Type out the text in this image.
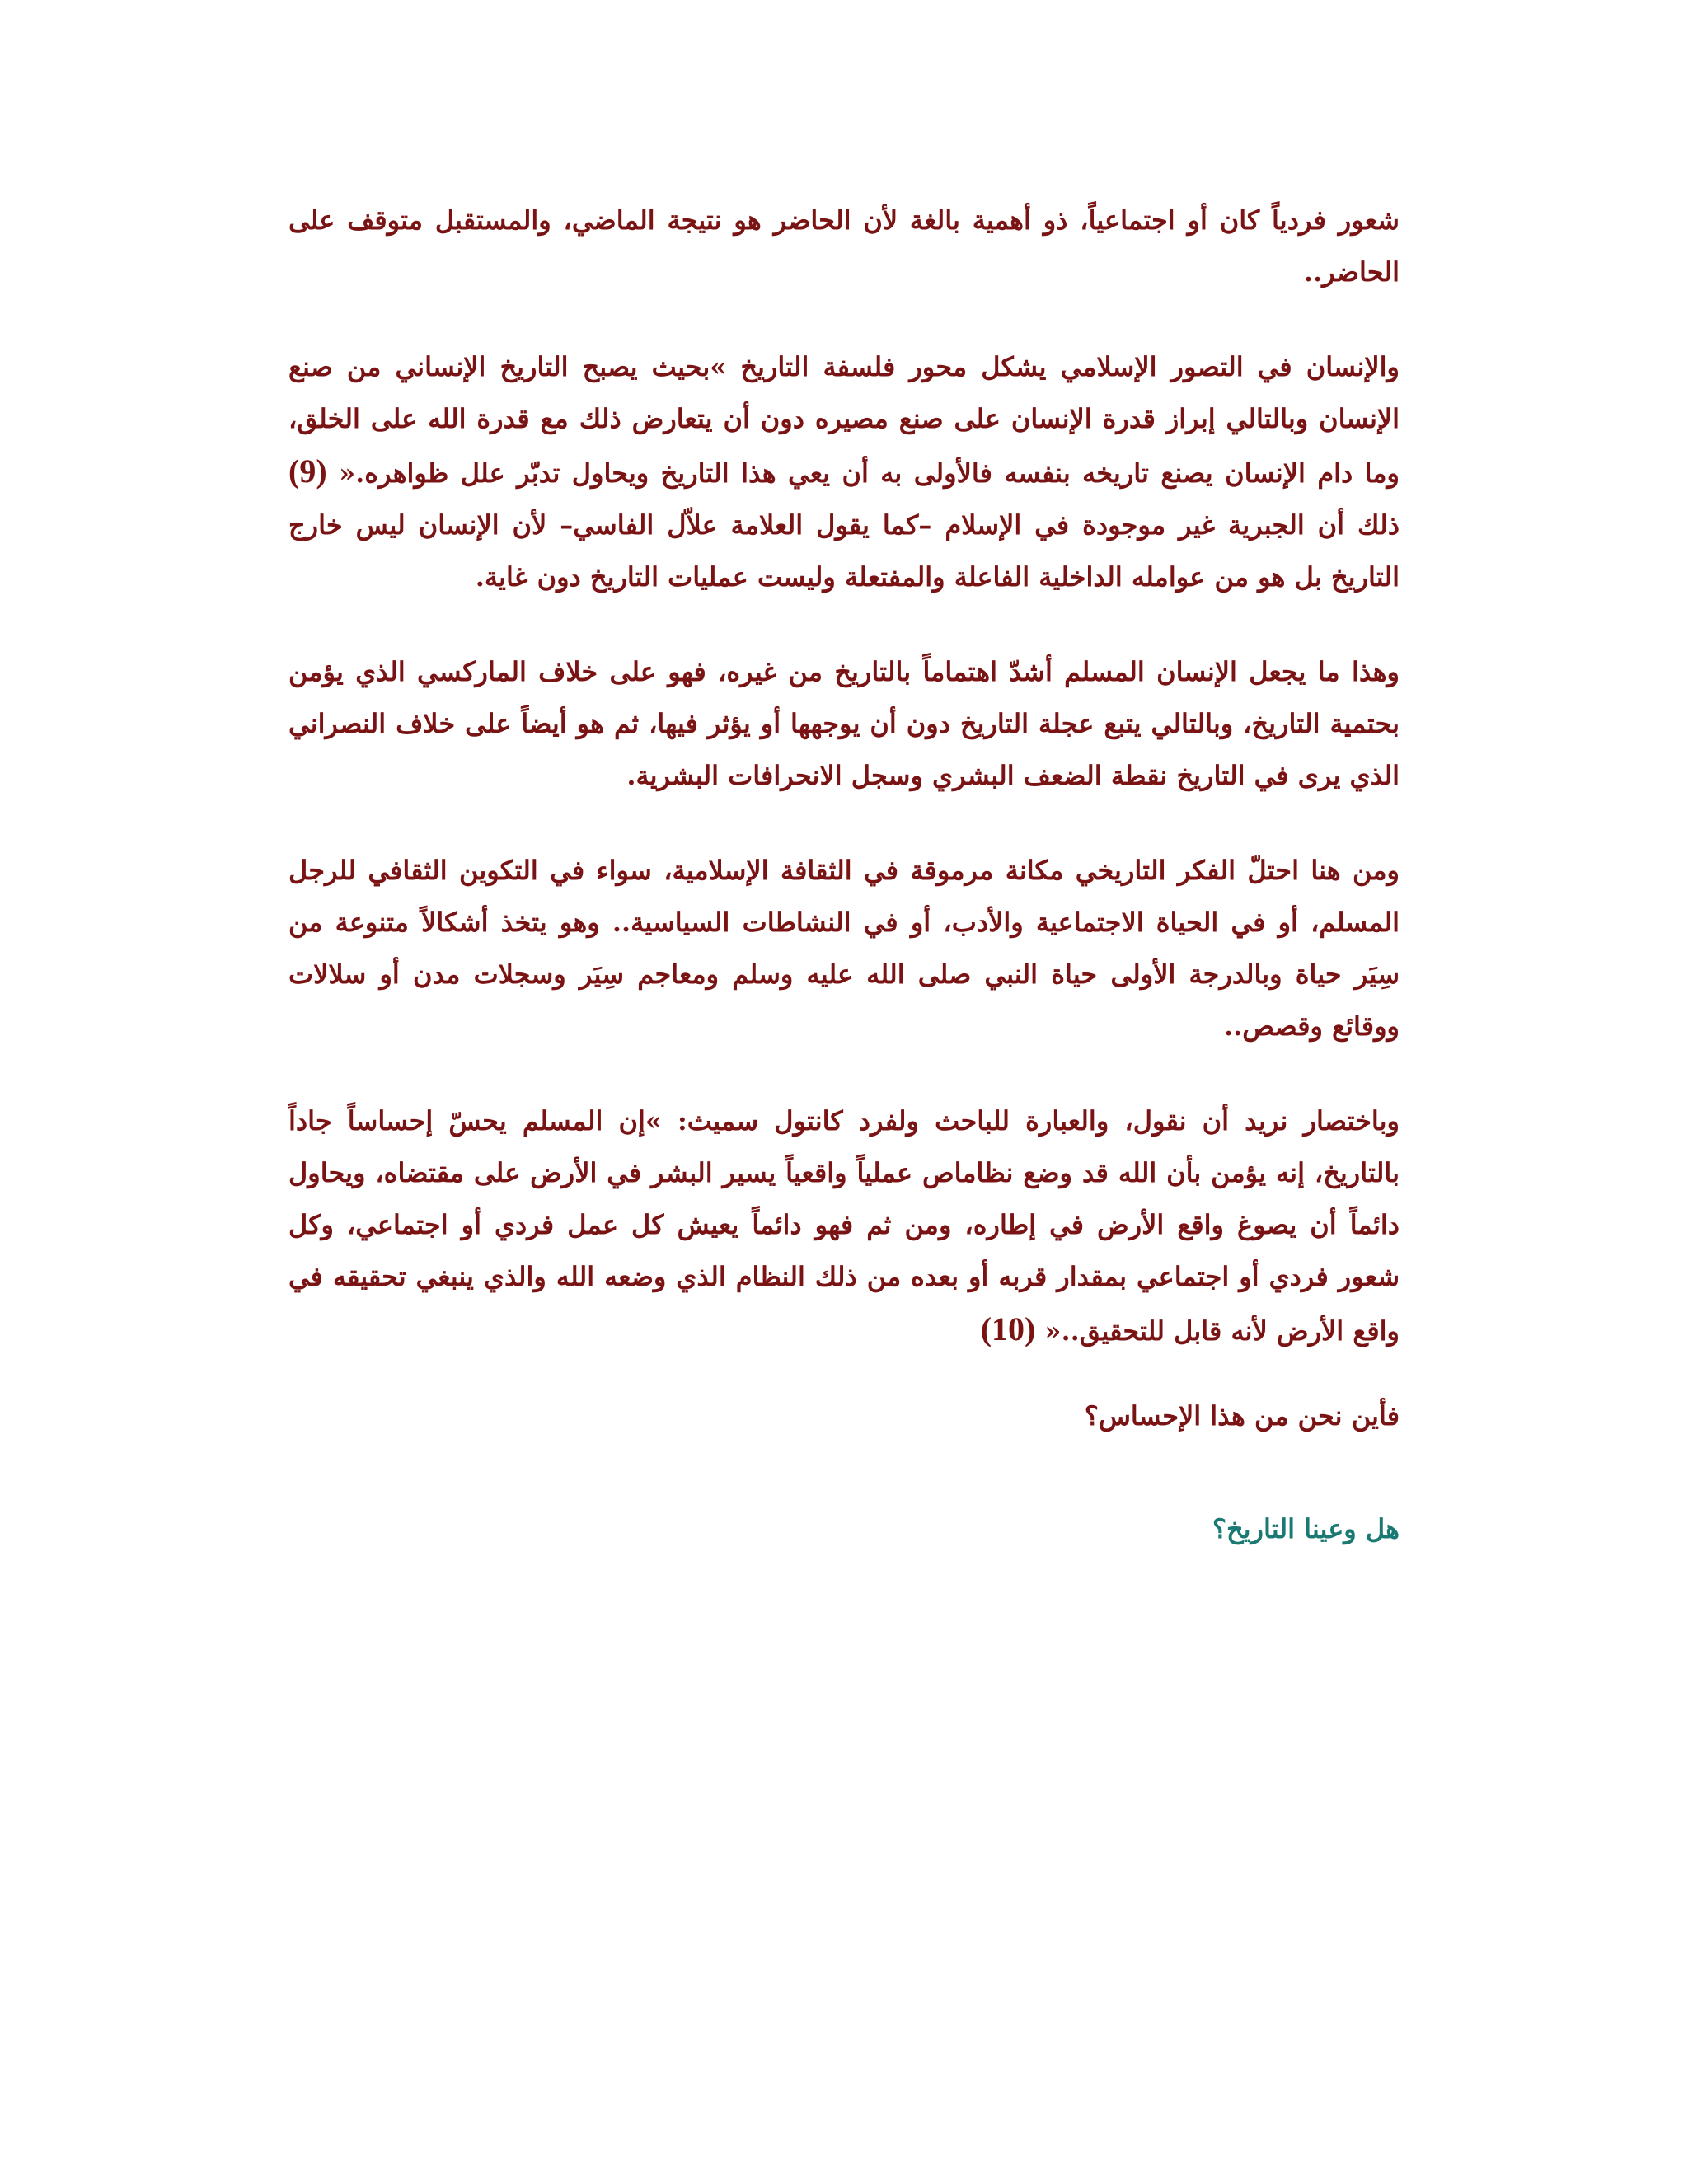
شعور فردياً كان أو اجتماعياً، ذو أهمية بالغة لأن الحاضر هو نتيجة الماضي، والمستقبل متوقف على الحاضر..

والإنسان في التصور الإسلامي يشكل محور فلسفة التاريخ »بحيث يصبح التاريخ الإنساني من صنع الإنسان وبالتالي إبراز قدرة الإنسان على صنع مصيره دون أن يتعارض ذلك مع قدرة الله على الخلق، وما دام الإنسان يصنع تاريخه بنفسه فالأولى به أن يعي هذا التاريخ ويحاول تدبّر علل ظواهره.« (9) ذلك أن الجبرية غير موجودة في الإسلام –كما يقول العلامة علاّل الفاسي– لأن الإنسان ليس خارج التاريخ بل هو من عوامله الداخلية الفاعلة والمفتعلة وليست عمليات التاريخ دون غاية.

وهذا ما يجعل الإنسان المسلم أشدّ اهتماماً بالتاريخ من غيره، فهو على خلاف الماركسي الذي يؤمن بحتمية التاريخ، وبالتالي يتبع عجلة التاريخ دون أن يوجهها أو يؤثر فيها، ثم هو أيضاً على خلاف النصراني الذي يرى في التاريخ نقطة الضعف البشري وسجل الانحرافات البشرية.

ومن هنا احتلّ الفكر التاريخي مكانة مرموقة في الثقافة الإسلامية، سواء في التكوين الثقافي للرجل المسلم، أو في الحياة الاجتماعية والأدب، أو في النشاطات السياسية.. وهو يتخذ أشكالاً متنوعة من سِيَر حياة وبالدرجة الأولى حياة النبي صلى الله عليه وسلم ومعاجم سِيَر وسجلات مدن أو سلالات ووقائع وقصص..

وباختصار نريد أن نقول، والعبارة للباحث ولفرد كانتول سميث: »إن المسلم يحسّ إحساساً جاداً بالتاريخ، إنه يؤمن بأن الله قد وضع نظاماص عملياً واقعياً يسير البشر في الأرض على مقتضاه، ويحاول دائماً أن يصوغ واقع الأرض في إطاره، ومن ثم فهو دائماً يعيش كل عمل فردي أو اجتماعي، وكل شعور فردي أو اجتماعي بمقدار قربه أو بعده من ذلك النظام الذي وضعه الله والذي ينبغي تحقيقه في واقع الأرض لأنه قابل للتحقيق..« (10)

فأين نحن من هذا الإحساس؟

هل وعينا التاريخ؟
